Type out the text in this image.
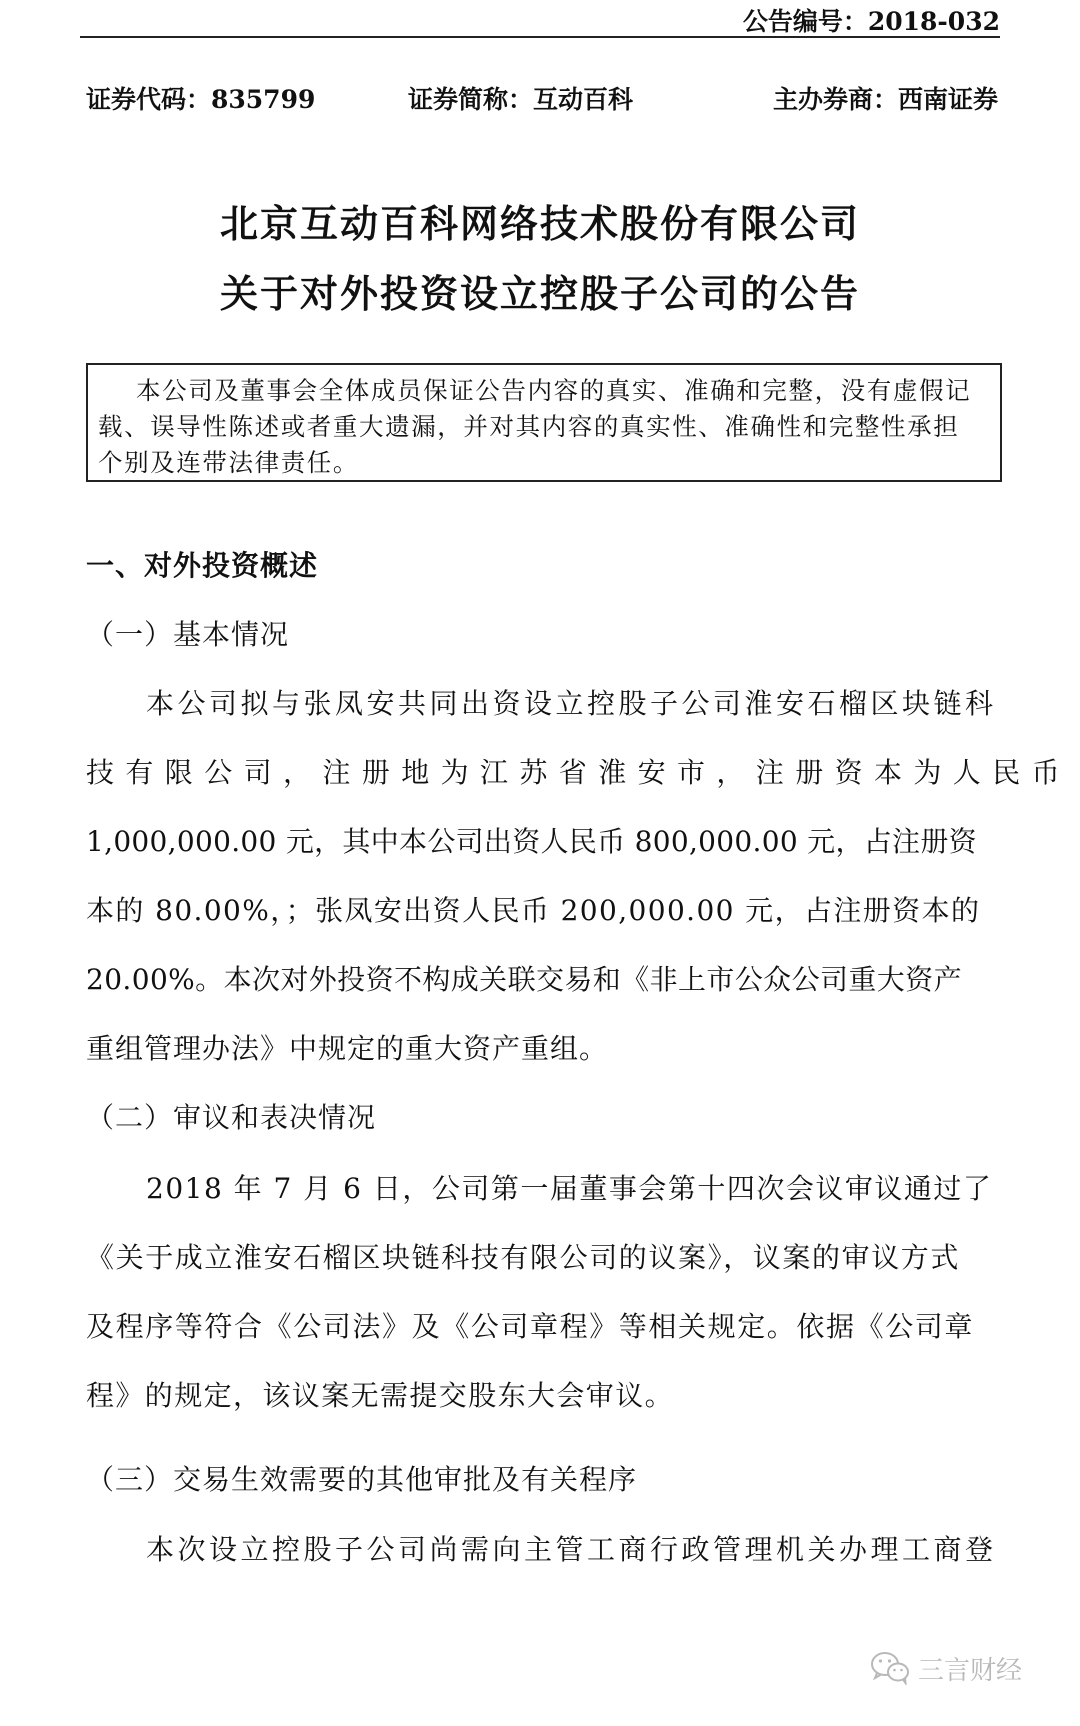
公告编号：2018-032
证券代码：835799	证券简称：互动百科	主办券商：西南证券
北京互动百科网络技术股份有限公司
关于对外投资设立控股子公司的公告
本公司及董事会全体成员保证公告内容的真实、准确和完整，没有虚假记
载、误导性陈述或者重大遗漏，并对其内容的真实性、准确性和完整性承担
个别及连带法律责任。
一、对外投资概述
（一）基本情况
本公司拟与张凤安共同出资设立控股子公司淮安石榴区块链科
技有限公司，注册地为江苏省淮安市，注册资本为人民币
1,000,000.00 元，其中本公司出资人民币 800,000.00 元，占注册资
本的 80.00%，；张凤安出资人民币 200,000.00 元，占注册资本的
20.00%。本次对外投资不构成关联交易和《非上市公众公司重大资产
重组管理办法》中规定的重大资产重组。
（二）审议和表决情况
2018 年 7 月 6 日，公司第一届董事会第十四次会议审议通过了
《关于成立淮安石榴区块链科技有限公司的议案》，议案的审议方式
及程序等符合《公司法》及《公司章程》等相关规定。依据《公司章
程》的规定，该议案无需提交股东大会审议。
（三）交易生效需要的其他审批及有关程序
本次设立控股子公司尚需向主管工商行政管理机关办理工商登
三言财经
